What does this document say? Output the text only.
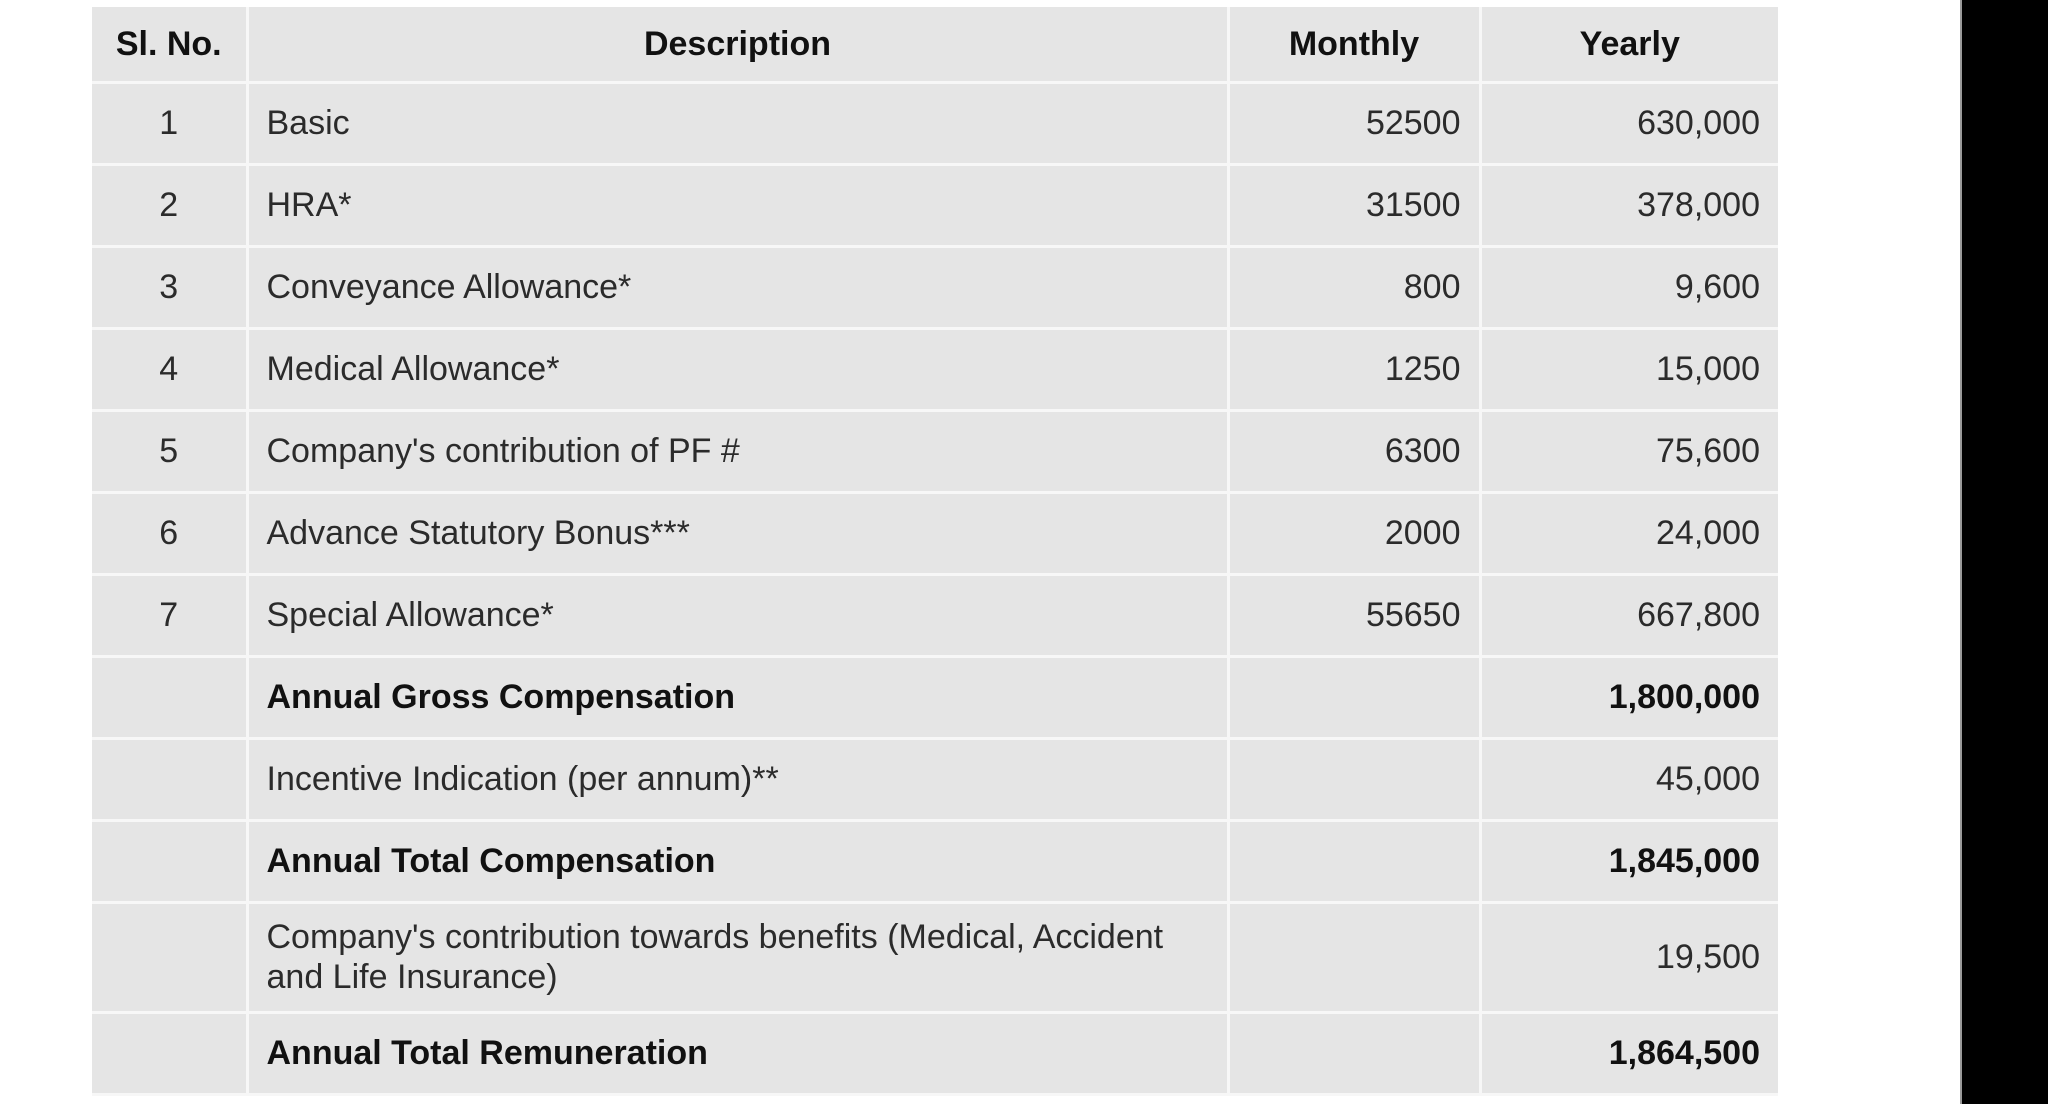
Sl. No.	Description	Monthly	Yearly
1	Basic	52500	630,000
2	HRA*	31500	378,000
3	Conveyance Allowance*	800	9,600
4	Medical Allowance*	1250	15,000
5	Company's contribution of PF #	6300	75,600
6	Advance Statutory Bonus***	2000	24,000
7	Special Allowance*	55650	667,800
	Annual Gross Compensation		1,800,000
	Incentive Indication (per annum)**		45,000
	Annual Total Compensation		1,845,000
	Company's contribution towards benefits (Medical, Accident and Life Insurance)		19,500
	Annual Total Remuneration		1,864,500
